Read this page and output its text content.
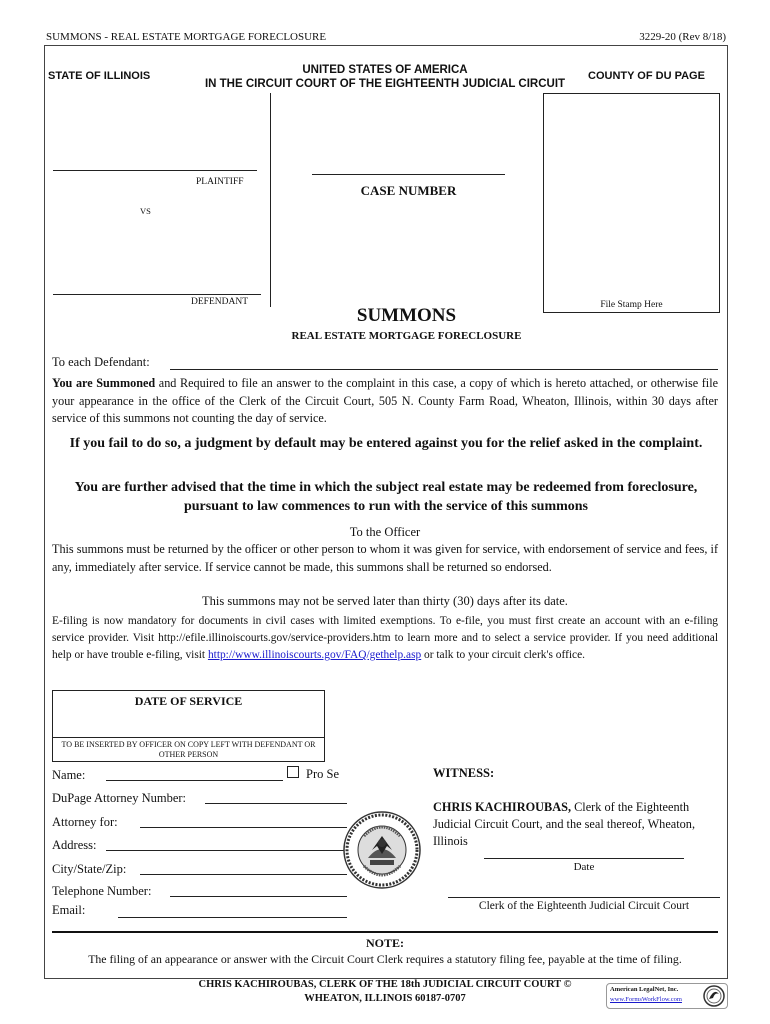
SUMMONS - REAL ESTATE MORTGAGE FORECLOSURE	3229-20 (Rev 8/18)
STATE OF ILLINOIS	UNITED STATES OF AMERICA
IN THE CIRCUIT COURT OF THE EIGHTEENTH JUDICIAL CIRCUIT
COUNTY OF DU PAGE
PLAINTIFF
VS
DEFENDANT
CASE NUMBER
File Stamp Here
SUMMONS
REAL ESTATE MORTGAGE FORECLOSURE
To each Defendant:
You are Summoned and Required to file an answer to the complaint in this case, a copy of which is hereto attached, or otherwise file your appearance in the office of the Clerk of the Circuit Court, 505 N. County Farm Road, Wheaton, Illinois, within 30 days after service of this summons not counting the day of service.
If you fail to do so, a judgment by default may be entered against you for the relief asked in the complaint.
You are further advised that the time in which the subject real estate may be redeemed from foreclosure, pursuant to law commences to run with the service of this summons
To the Officer
This summons must be returned by the officer or other person to whom it was given for service, with endorsement of service and fees, if any, immediately after service. If service cannot be made, this summons shall be returned so endorsed.
This summons may not be served later than thirty (30) days after its date.
E-filing is now mandatory for documents in civil cases with limited exemptions. To e-file, you must first create an account with an e-filing service provider. Visit http://efile.illinoiscourts.gov/service-providers.htm to learn more and to select a service provider. If you need additional help or have trouble e-filing, visit http://www.illinoiscourts.gov/FAQ/gethelp.asp or talk to your circuit clerk's office.
DATE OF SERVICE
TO BE INSERTED BY OFFICER ON COPY LEFT WITH DEFENDANT OR OTHER PERSON
Name:	Pro Se
DuPage Attorney Number:
Attorney for:
Address:
City/State/Zip:
Telephone Number:
Email:
WITNESS:
CHRIS KACHIROUBAS, Clerk of the Eighteenth Judicial Circuit Court, and the seal thereof, Wheaton, Illinois
Date
Clerk of the Eighteenth Judicial Circuit Court
NOTE:
The filing of an appearance or answer with the Circuit Court Clerk requires a statutory filing fee, payable at the time of filing.
CHRIS KACHIROUBAS, CLERK OF THE 18th JUDICIAL CIRCUIT COURT ©
WHEATON, ILLINOIS 60187-0707
American LegalNet, Inc.
www.FormsWorkFlow.com
